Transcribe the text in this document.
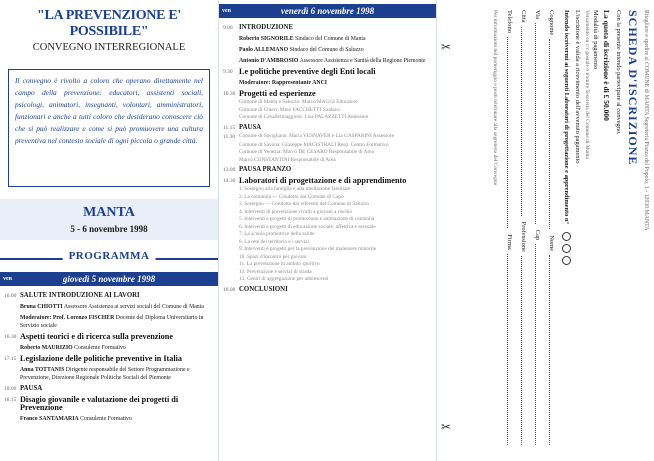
"LA PREVENZIONE E' POSSIBILE"
CONVEGNO INTERREGIONALE
Il convegno è rivolto a coloro che operano direttamente nel campo della prevenzione: educatori, assistenti sociali, psicologi, animatori, insegnanti, volontari, amministratori, funzionari e anche a tutti coloro che desiderano conoscere ciò che si può realizzare e come si può promuovere una cultura preventiva nel contesto sociale di ogni piccola o grande città.
MANTA
5 - 6 novembre 1998
PROGRAMMA
ven	giovedì 5 novembre 1998
16.00 SALUTE INTRODUZIONE AI LAVORI
Bruna CHIOTTI Assessore Assistenza ai servizi sociali del Comune di Manta
Moderatore: Prof. Lorenzo FISCHER Docente del Diploma Universitario in Servizio sociale
16.30 Aspetti teorici e di ricerca sulla prevenzione
Roberto MAURIZIO Consulente Formativo
17.15 Legislazione delle politiche preventive in Italia
Anna TOTTANIS Dirigente responsabile del Settore Programmazione e Prevenzione, Direzione Regionale Politiche Sociali del Piemonte
18.00 PAUSA
18.15 Disagio giovanile e valutazione dei progetti di Prevenzione
Franco SANTAMARIA Consulente Formativo
ven	venerdì 6 novembre 1998
9.00 INTRODUZIONE
Roberto SIGNORILE Sindaco del Comune di Manta
Paolo ALLEMANO Sindaco del Comune di Saluzzo
Antonio D'AMBROSIO Assessore Assistenza e Sanità della Regione Piemonte
9.30 Le politiche preventive degli Enti locali
Moderatore: Rappresentante ANCI
10.30 Progetti ed esperienze
Comune di Manta e Saluzzo: Marco MAGGI Educatore
Comune di Chieri: Mino FACCHETTI Sindaco
Comune di Cavallermaggiore: Lisa PALAZZETTI Assessore
11.15 PAUSA
11.30 Comune di Savigliano: Maria VESNAVER e Lia GASPARINI Assessore
Comune di Savona: Giuseppe MAGISTRALI Resp. Centro Formativo
Comune di Venezia: Marco DE CESARO Responsabile di Area
Marco CONSTANTINI Responsabile di Area
13.00 PAUSA PRANZO
14.30 Laboratori di progettazione e di apprendimento
1. Sostegno alla famiglia e alla mediazione familiare
2. La comunità — Condotto dal Comune di Capo
3. Sostegno — Condotto dai referenti del Comune di Saluzzo
4. Interventi di prevenzione rivolti a giovani a rischio
5. Interventi e progetti di promozione e animazione di comunità
6. Interventi e progetti di educazione sociale: affettiva e sessuale
7. La scuola promotrice della salute
8. La rete del territorio e i servizi
9. Interventi e progetti per la prevenzione del malessere minorile
10. Spazi d'incontro per giovani
11. La prevenzione in ambito sportivo
12. Prevenzione e servizi di strada
13. Centri di aggregazione per adolescenti
18.00 CONCLUSIONI
Ritagliare e spedire al COMUNE di MANTA Segreteria Piazza del Popolo, 1 - 12030 MANTA
SCHEDA D'ISCRIZIONE
Con la presente intendo partecipare al convegno.
La quota di iscrizione è di £ 50.000
Modalità di pagamento
Versamento su c/c postale o tramite Tesoreria del Comune di Manta
L'iscrizione è valida a ricevimento dell'avvenuto pagamento
Intendo iscrivermi ai seguenti Laboratori di progettazione e apprendimento n°
Cognome
Nome
Via
Cap
Città
Professione
Telefono
Firma
Per informazioni nel pomeriggio e posti telefonare alla segreteria del Convegno
✂
✂
